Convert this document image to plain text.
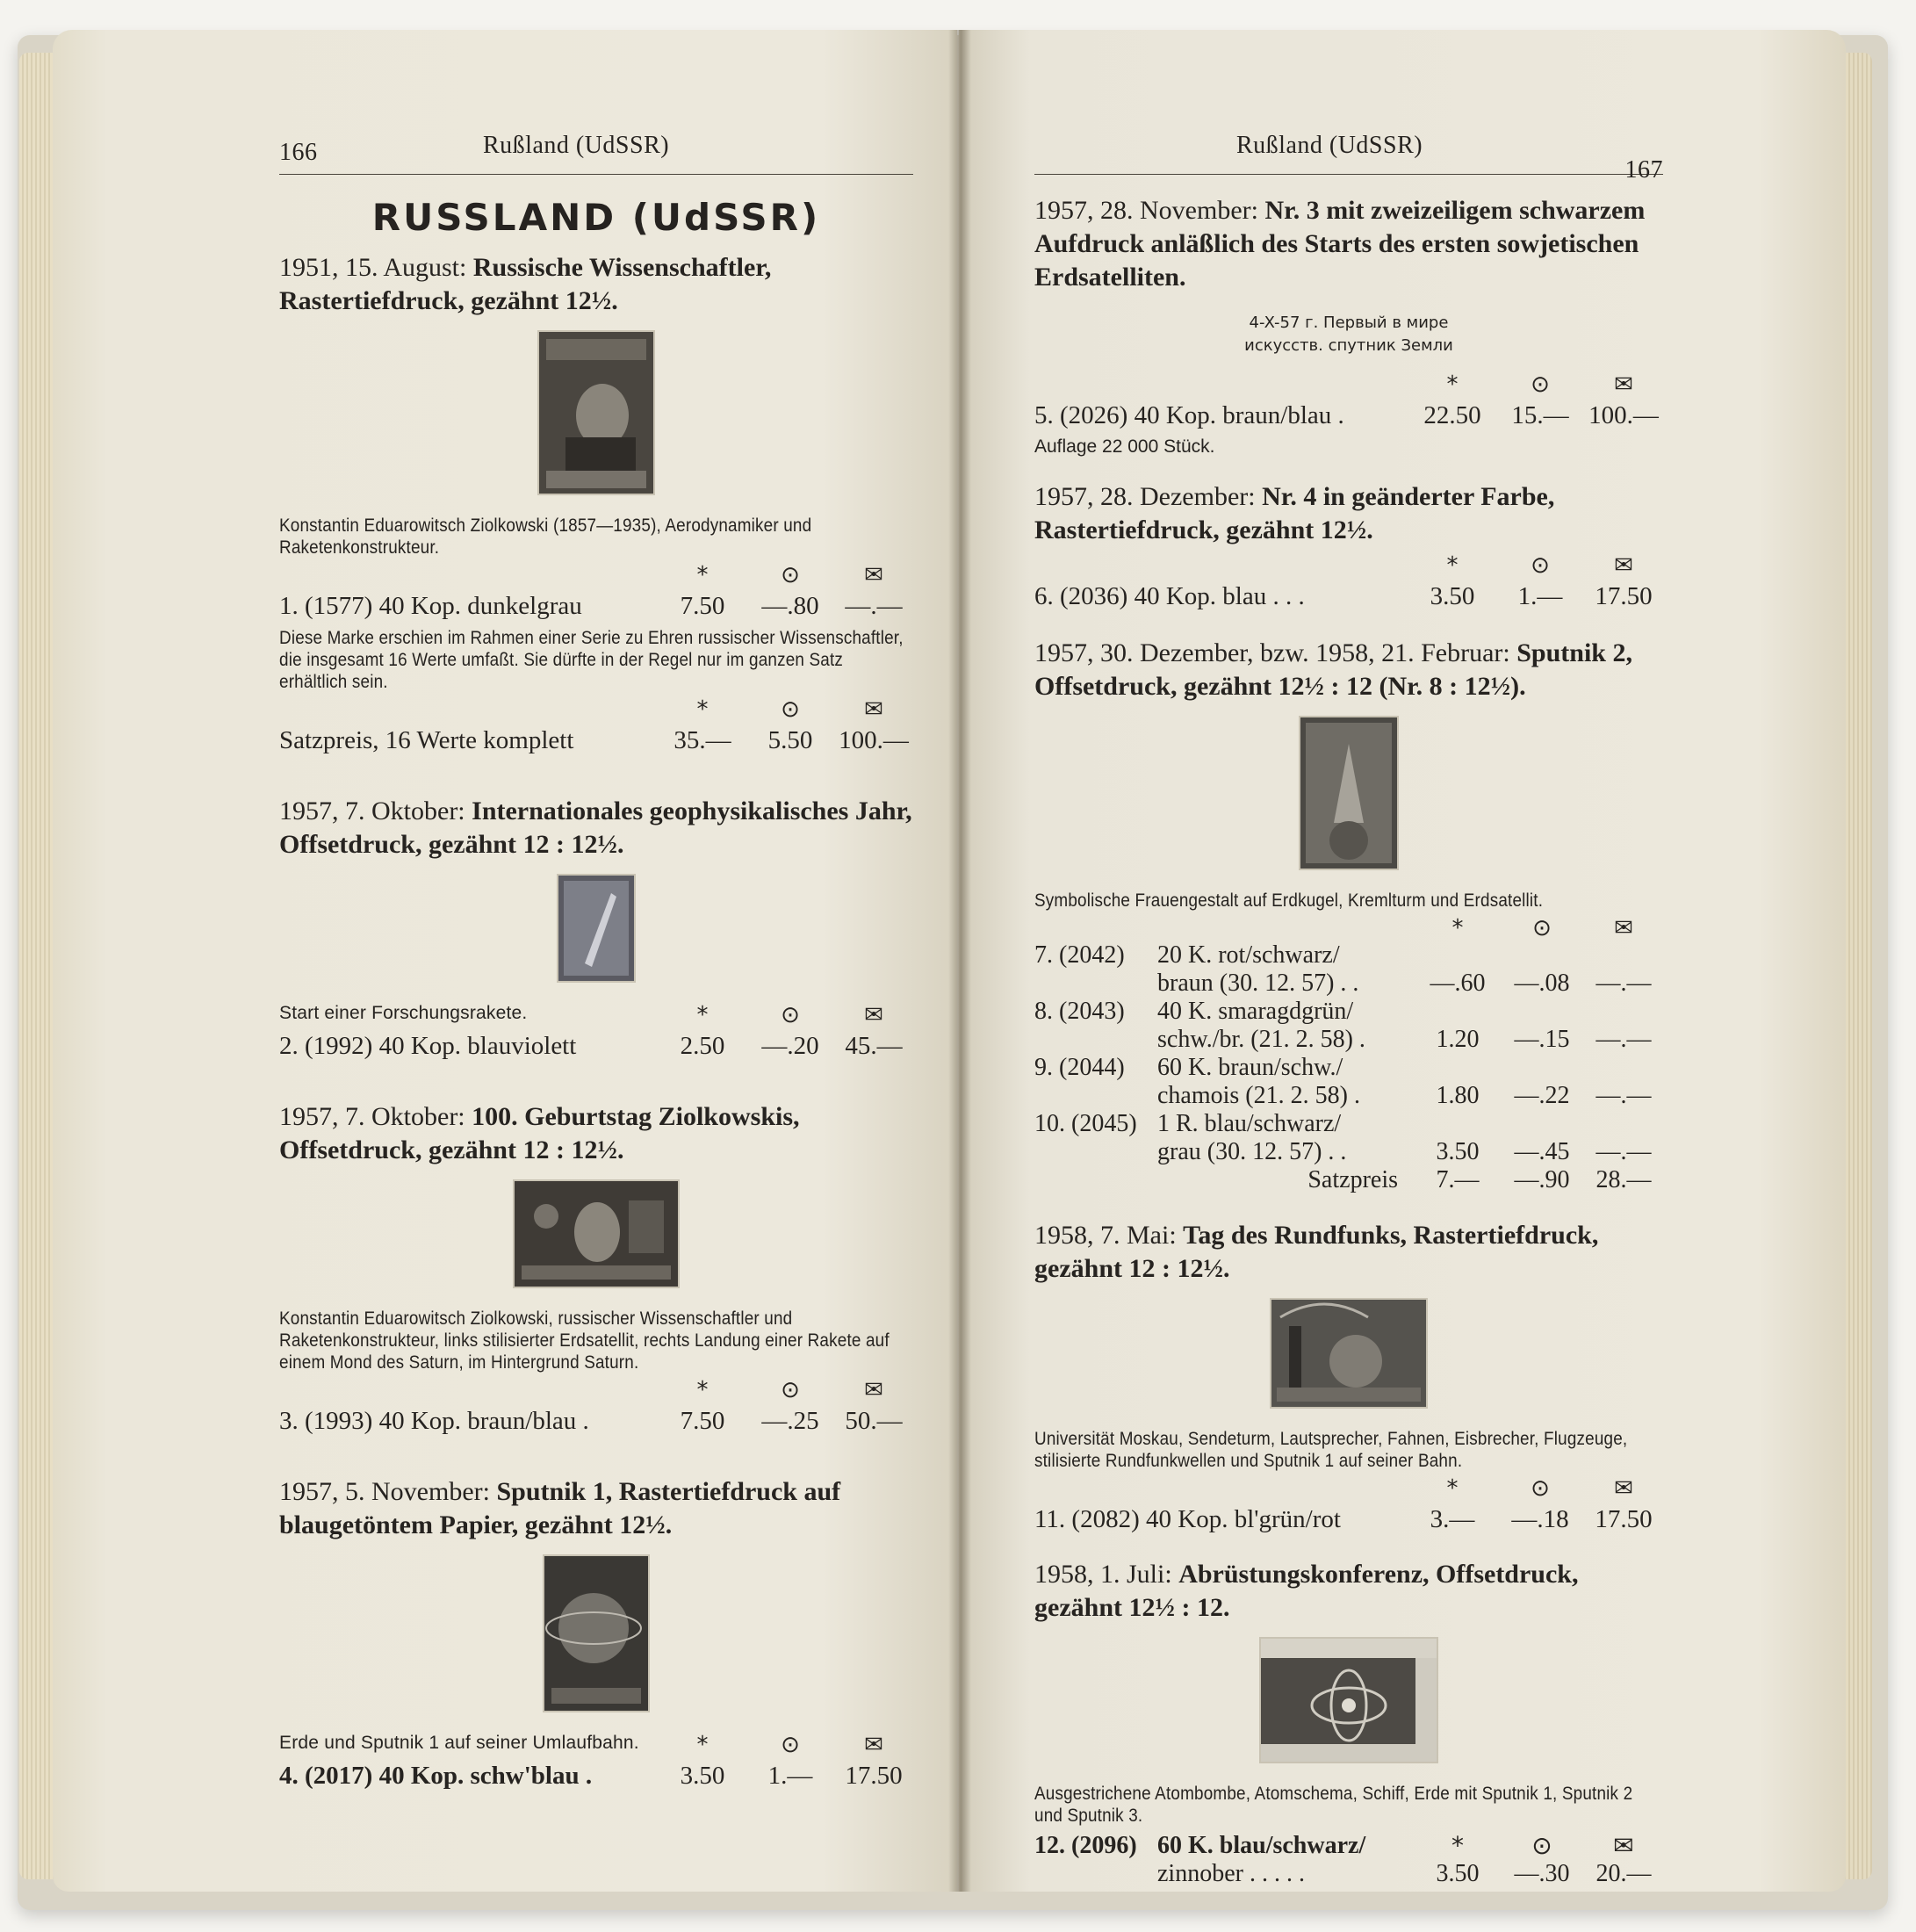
166	Rußland (UdSSR)
RUSSLAND (UdSSR)
1951, 15. August: Russische Wissenschaftler, Rastertiefdruck, gezähnt 12½.
Konstantin Eduarowitsch Ziolkowski (1857—1935), Aerodynamiker und Raketenkonstrukteur.
*	⊙	✉
1. (1577) 40 Kop. dunkelgrau	7.50	—.80	—.—
Diese Marke erschien im Rahmen einer Serie zu Ehren russischer Wissenschaftler, die insgesamt 16 Werte umfaßt. Sie dürfte in der Regel nur im ganzen Satz erhältlich sein.
*	⊙	✉
Satzpreis, 16 Werte komplett	35.—	5.50	100.—
1957, 7. Oktober: Internationales geophysikalisches Jahr, Offsetdruck, gezähnt 12 : 12½.
Start einer Forschungsrakete.	*	⊙	✉
2. (1992) 40 Kop. blauviolett	2.50	—.20	45.—
1957, 7. Oktober: 100. Geburtstag Ziolkowskis, Offsetdruck, gezähnt 12 : 12½.
Konstantin Eduarowitsch Ziolkowski, russischer Wissenschaftler und Raketenkonstrukteur, links stilisierter Erdsatellit, rechts Landung einer Rakete auf einem Mond des Saturn, im Hintergrund Saturn.
*	⊙	✉
3. (1993) 40 Kop. braun/blau .	7.50	—.25	50.—
1957, 5. November: Sputnik 1, Rastertiefdruck auf blaugetöntem Papier, gezähnt 12½.
Erde und Sputnik 1 auf seiner Umlaufbahn.	*	⊙	✉
4. (2017) 40 Kop. schw'blau .	3.50	1.—	17.50
Rußland (UdSSR)
167
1957, 28. November: Nr. 3 mit zweizeiligem schwarzem Aufdruck anläßlich des Starts des ersten sowjetischen Erdsatelliten.
4-X-57 г. Первый в мире
искусств. спутник Земли
*	⊙	✉
5. (2026) 40 Kop. braun/blau .	22.50	15.— 100.—
Auflage 22 000 Stück.
1957, 28. Dezember: Nr. 4 in geänderter Farbe, Rastertiefdruck, gezähnt 12½.
*	⊙	✉
6. (2036) 40 Kop. blau . . .	3.50	1.—	17.50
1957, 30. Dezember, bzw. 1958, 21. Februar: Sputnik 2, Offsetdruck, gezähnt 12½ : 12 (Nr. 8 : 12½).
Symbolische Frauengestalt auf Erdkugel, Kremlturm und Erdsatellit.
*	⊙	✉
7. (2042)	20 K. rot/schwarz/
braun (30. 12. 57) . .	—.60	—.08	—.—
8. (2043)	40 K. smaragdgrün/
schw./br. (21. 2. 58) .	1.20	—.15	—.—
9. (2044)	60 K. braun/schw./
chamois (21. 2. 58) .	1.80	—.22	—.—
10. (2045) 1 R. blau/schwarz/
grau (30. 12. 57) . .	3.50	—.45	—.—
Satzpreis	7.—	—.90	28.—
1958, 7. Mai: Tag des Rundfunks, Rastertiefdruck, gezähnt 12 : 12½.
Universität Moskau, Sendeturm, Lautsprecher, Fahnen, Eisbrecher, Flugzeuge, stilisierte Rundfunkwellen und Sputnik 1 auf seiner Bahn.
*	⊙	✉
11. (2082) 40 Kop. bl'grün/rot	3.—	—.18	17.50
1958, 1. Juli: Abrüstungskonferenz, Offsetdruck, gezähnt 12½ : 12.
Ausgestrichene Atombombe, Atomschema, Schiff, Erde mit Sputnik 1, Sputnik 2 und Sputnik 3.
12. (2096) 60 K. blau/schwarz/	*	⊙	✉
zinnober . . . . .	3.50	—.30	20.—
